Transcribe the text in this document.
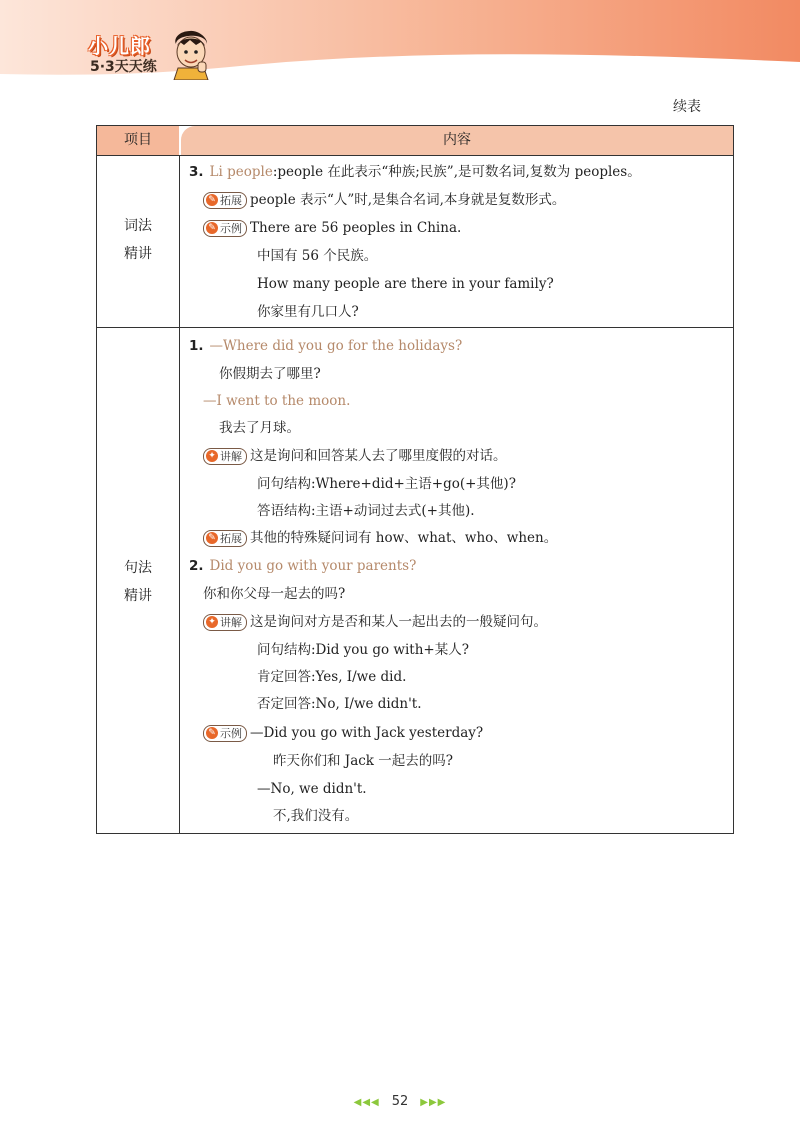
小儿郎
5·3天天练
续表
项目	内容
词法
精讲
3. Li people:people 在此表示“种族;民族”,是可数名词,复数为 peoples。
✎ 拓展 people 表示“人”时,是集合名词,本身就是复数形式。
✎ 示例 There are 56 peoples in China.
中国有 56 个民族。
How many people are there in your family?
你家里有几口人?
句法
精讲
1. —Where did you go for the holidays?
你假期去了哪里?
—I went to the moon.
我去了月球。
✦ 讲解 这是询问和回答某人去了哪里度假的对话。
问句结构:Where+did+主语+go(+其他)?
答语结构:主语+动词过去式(+其他).
✎ 拓展 其他的特殊疑问词有 how、what、who、when。
2. Did you go with your parents?
你和你父母一起去的吗?
✦ 讲解 这是询问对方是否和某人一起出去的一般疑问句。
问句结构:Did you go with+某人?
肯定回答:Yes, I/we did.
否定回答:No, I/we didn't.
✎ 示例 —Did you go with Jack yesterday?
昨天你们和 Jack 一起去的吗?
—No, we didn't.
不,我们没有。
◀◀◀ 52 ▶▶▶
